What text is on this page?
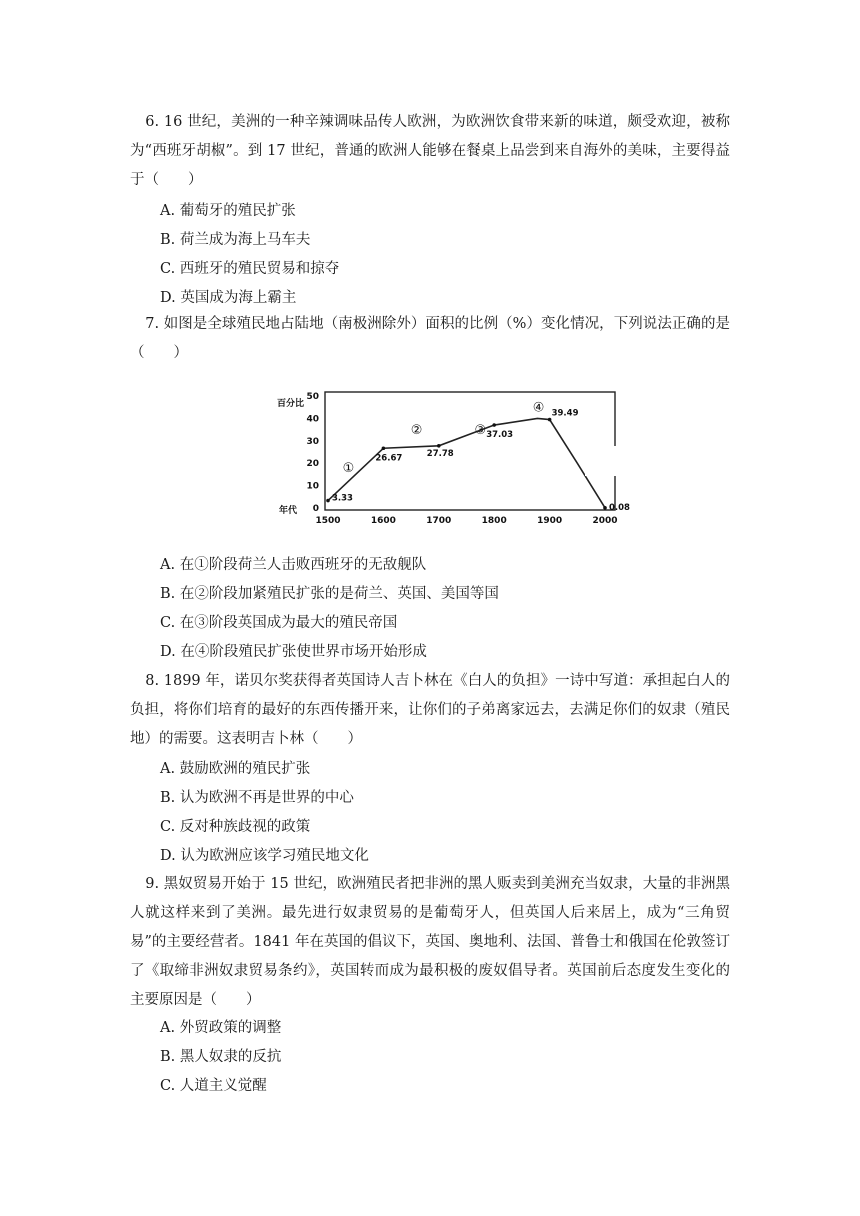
6. 16 世纪，美洲的一种辛辣调味品传人欧洲，为欧洲饮食带来新的味道，颇受欢迎，被称为“西班牙胡椒”。到 17 世纪，普通的欧洲人能够在餐桌上品尝到来自海外的美味，主要得益于（　　）

A. 葡萄牙的殖民扩张

B. 荷兰成为海上马车夫

C. 西班牙的殖民贸易和掠夺

D. 英国成为海上霸主

7. 如图是全球殖民地占陆地（南极洲除外）面积的比例（%）变化情况，下列说法正确的是（　　）

0
10
20
30
40
50
1500	1600	1700	1800	1900	2000
百分比
年代
3.33
26.67	27.78
37.03
39.49
0.08
①
②	③
④

A. 在①阶段荷兰人击败西班牙的无敌舰队

B. 在②阶段加紧殖民扩张的是荷兰、英国、美国等国

C. 在③阶段英国成为最大的殖民帝国

D. 在④阶段殖民扩张使世界市场开始形成

8. 1899 年，诺贝尔奖获得者英国诗人吉卜林在《白人的负担》一诗中写道：承担起白人的负担，将你们培育的最好的东西传播开来，让你们的子弟离家远去，去满足你们的奴隶（殖民地）的需要。这表明吉卜林（　　）

A. 鼓励欧洲的殖民扩张

B. 认为欧洲不再是世界的中心

C. 反对种族歧视的政策

D. 认为欧洲应该学习殖民地文化

9. 黑奴贸易开始于 15 世纪，欧洲殖民者把非洲的黑人贩卖到美洲充当奴隶，大量的非洲黑人就这样来到了美洲。最先进行奴隶贸易的是葡萄牙人，但英国人后来居上，成为“三角贸易”的主要经营者。1841 年在英国的倡议下，英国、奥地利、法国、普鲁士和俄国在伦敦签订了《取缔非洲奴隶贸易条约》，英国转而成为最积极的废奴倡导者。英国前后态度发生变化的主要原因是（　　）

A. 外贸政策的调整

B. 黑人奴隶的反抗

C. 人道主义觉醒
